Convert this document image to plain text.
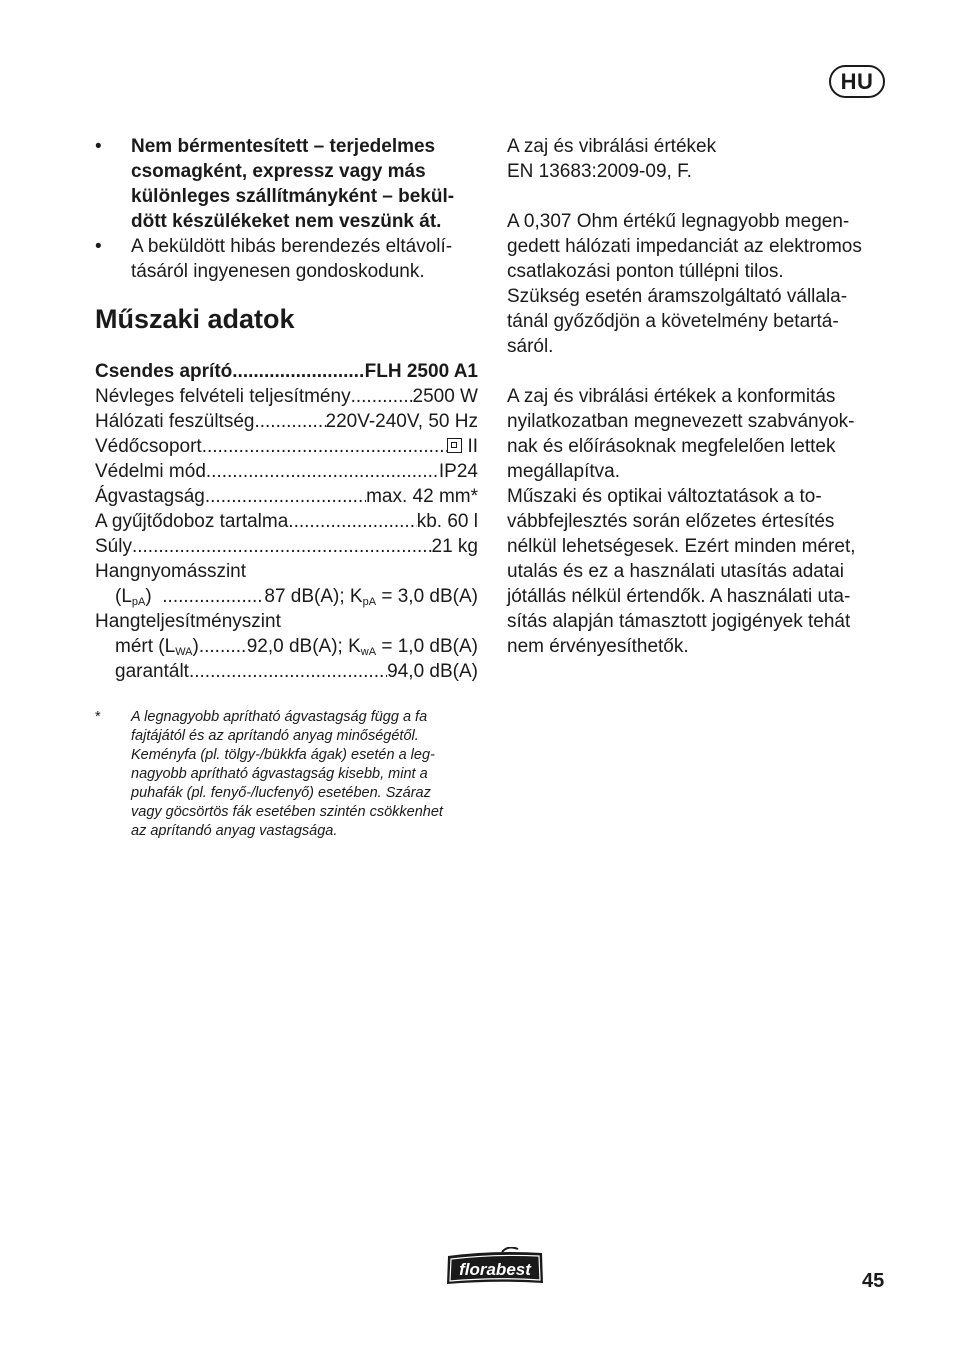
HU
• Nem bérmentesített – terjedelmes
csomagként, expressz vagy más
különleges szállítmányként – bekül-
dött készülékeket nem veszünk át.
• A beküldött hibás berendezés eltávolí-
tásáról ingyenesen gondoskodunk.
Műszaki adatok
Csendes aprító .....	FLH 2500 A1
Névleges felvételi teljesítmény .....	2500 W
Hálózati feszültség .....	220V-240V, 50 Hz
Védőcsoport .....	II
Védelmi mód .....	IP24
Ágvastagság .....	max. 42 mm*
A gyűjtődoboz tartalma .....	kb. 60 l
Súly .....	21 kg
Hangnyomásszint
$(L_{pA})$ .....	87 dB(A); $K_{pA} = 3,0$ dB(A)
Hangteljesítményszint
mért $(L_{WA})$ .....	92,0 dB(A); $K_{wA} = 1,0$ dB(A)
garantált .....	94,0 dB(A)
* A legnagyobb aprítható ágvastagság függ a fa
fajtájától és az aprítandó anyag minőségétől.
Keményfa (pl. tölgy-/bükkfa ágak) esetén a leg-
nagyobb aprítható ágvastagság kisebb, mint a
puhafák (pl. fenyő-/lucfenyő) esetében. Száraz
vagy göcsörtös fák esetében szintén csökkenhet
az aprítandó anyag vastagsága.
A zaj és vibrálási értékek
EN 13683:2009-09, F.
A 0,307 Ohm értékű legnagyobb megen-
gedett hálózati impedanciát az elektromos
csatlakozási ponton túllépni tilos.
Szükség esetén áramszolgáltató vállala-
tánál győződjön a követelmény betartá-
sáról.
A zaj és vibrálási értékek a konformitás
nyilatkozatban megnevezett szabványok-
nak és előírásoknak megfelelően lettek
megállapítva.
Műszaki és optikai változtatások a to-
vábbfejlesztés során előzetes értesítés
nélkül lehetségesek. Ezért minden méret,
utalás és ez a használati utasítás adatai
jótállás nélkül értendők. A használati uta-
sítás alapján támasztott jogigények tehát
nem érvényesíthetők.
florabest
45
